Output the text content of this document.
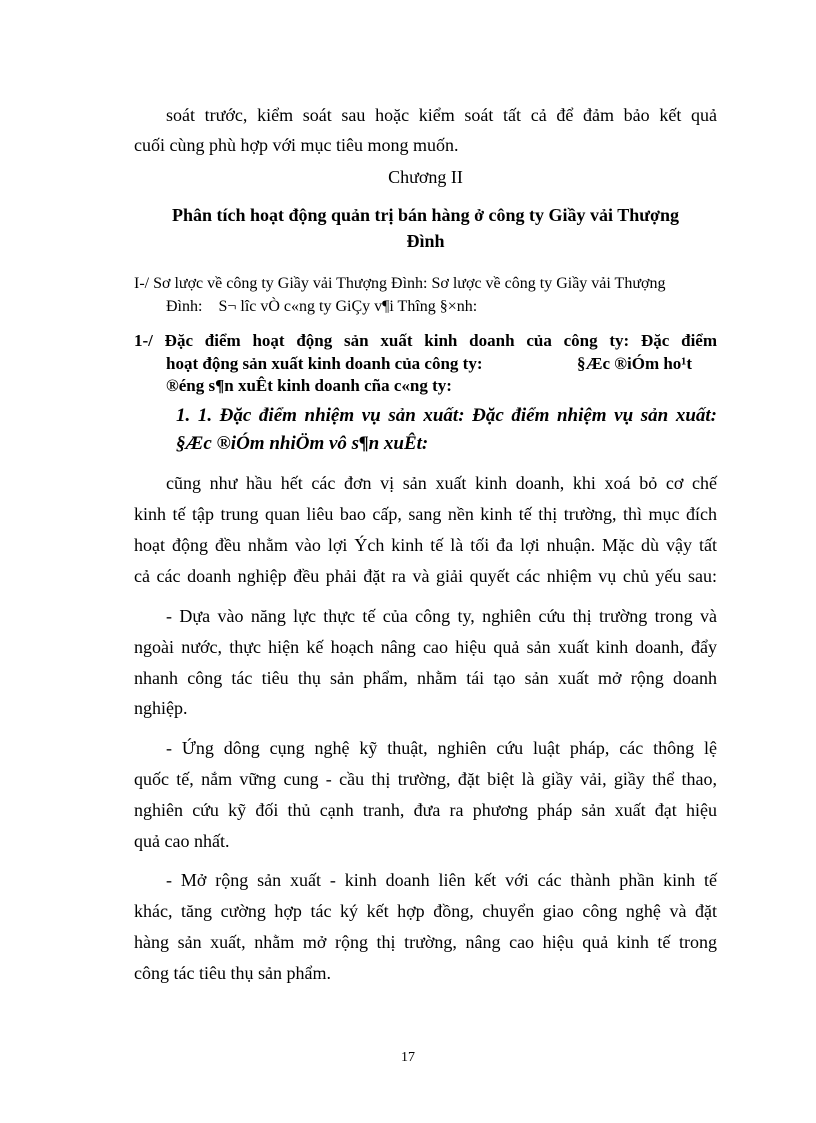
soát trước, kiểm soát sau hoặc kiểm soát tất cả để đảm bảo kết quả
cuối cùng phù hợp với mục tiêu mong muốn.
Chương II
Phân tích hoạt động quản trị bán hàng ở công ty Giầy vải Thượng
Đình
I-/ Sơ lược về công ty Giầy vải Thượng Đình: Sơ lược về công ty Giầy vải Thượng
Đình:    S¬ lîc vÒ c«ng ty GiÇy v¶i Thîng §×nh:
1-/ Đặc điểm hoạt động sản xuất kinh doanh của công ty: Đặc điểm
hoạt động sản xuất kinh doanh của công ty:	§Æc ®iÓm ho¹t
®éng s¶n xuÊt kinh doanh cña c«ng ty:
1. 1. Đặc điểm nhiệm vụ sản xuất: Đặc điểm nhiệm vụ sản xuất:
§Æc ®iÓm nhiÖm vô s¶n xuÊt:
cũng như hầu hết các đơn vị sản xuất kinh doanh, khi xoá bỏ cơ chế
kinh tế tập trung quan liêu bao cấp, sang nền kinh tế thị trường, thì mục đích
hoạt động đều nhằm vào lợi Ých kinh tế là tối đa lợi nhuận. Mặc dù vậy tất
cả các doanh nghiệp đều phải đặt ra và giải quyết các nhiệm vụ chủ yếu sau:
- Dựa vào năng lực thực tế của công ty, nghiên cứu thị trường trong và
ngoài nước, thực hiện kế hoạch nâng cao hiệu quả sản xuất kinh doanh, đẩy
nhanh công tác tiêu thụ sản phẩm, nhằm tái tạo sản xuất mở rộng doanh
nghiệp.
- Ứng dông cụng nghệ kỹ thuật, nghiên cứu luật pháp, các thông lệ
quốc tế, nắm vững cung - cầu thị trường, đặt biệt là giầy vải, giầy thể thao,
nghiên cứu kỹ đối thủ cạnh tranh, đưa ra phương pháp sản xuất đạt hiệu
quả cao nhất.
- Mở rộng sản xuất - kinh doanh liên kết với các thành phần kinh tế
khác, tăng cường hợp tác ký kết hợp đồng, chuyển giao công nghệ và đặt
hàng sản xuất, nhằm mở rộng thị trường, nâng cao hiệu quả kinh tế trong
công tác tiêu thụ sản phẩm.
17
